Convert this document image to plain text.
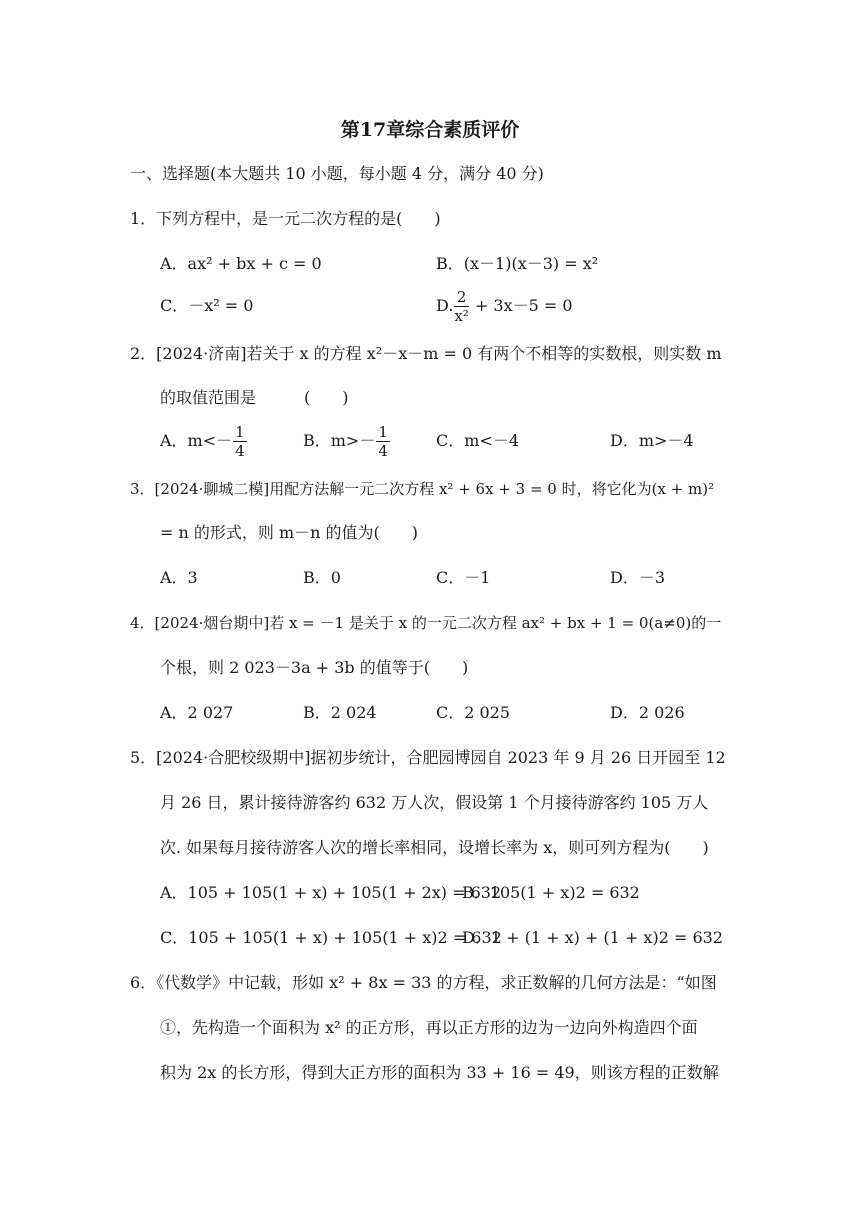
第17章综合素质评价
一、选择题(本大题共 10 小题，每小题 4 分，满分 40 分)
1．下列方程中，是一元二次方程的是(　　)
A．ax² + bx + c = 0	B．(x－1)(x－3) = x²
C．－x² = 0	D. $\frac{2}{\text{x²}} + 3x-5 = 0$
2．[2024·济南]若关于 x 的方程 x²－x－m = 0 有两个不相等的实数根，则实数 m
的取值范围是　　　(　　)
A．$m<- \frac{1}{4}$	B．$m>- \frac{1}{4}$	C．m<－4	D．m>－4
3．[2024·聊城二模]用配方法解一元二次方程 x² + 6x + 3 = 0 时，将它化为(x + m)²
= n 的形式，则 m－n 的值为(　　)
A．3	B．0	C．－1	D．－3
4．[2024·烟台期中]若 x = －1 是关于 x 的一元二次方程 ax² + bx + 1 = 0(a≠0)的一
个根，则 2 023－3a + 3b 的值等于(　　)
A．2 027	B．2 024	C．2 025	D．2 026
5．[2024·合肥校级期中]据初步统计，合肥园博园自 2023 年 9 月 26 日开园至 12
月 26 日，累计接待游客约 632 万人次，假设第 1 个月接待游客约 105 万人
次. 如果每月接待游客人次的增长率相同，设增长率为 x，则可列方程为(　　)
A．105 + 105(1 + x) + 105(1 + 2x) = 632
B．105(1 + x)2 = 632
C．105 + 105(1 + x) + 105(1 + x)2 = 632
D．1 + (1 + x) + (1 + x)2 = 632
6．《代数学》中记载，形如 x² + 8x = 33 的方程，求正数解的几何方法是：“如图
①，先构造一个面积为 x² 的正方形，再以正方形的边为一边向外构造四个面
积为 2x 的长方形，得到大正方形的面积为 33 + 16 = 49，则该方程的正数解
